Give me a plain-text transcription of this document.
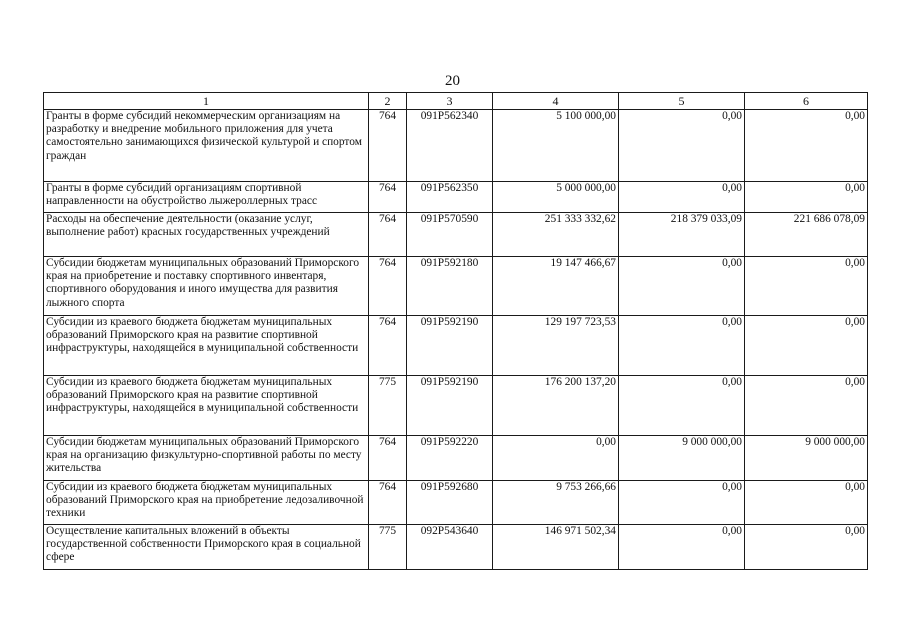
20
1	2	3	4	5	6
Гранты в форме субсидий некоммерческим организациям на разработку и внедрение мобильного приложения для учета самостоятельно занимающихся физической культурой и спортом граждан	764	091P562340	5 100 000,00	0,00	0,00
Гранты в форме субсидий организациям спортивной направленности на обустройство лыжероллерных трасс	764	091P562350	5 000 000,00	0,00	0,00
Расходы на обеспечение деятельности (оказание услуг, выполнение работ) красных государственных учреждений	764	091P570590	251 333 332,62	218 379 033,09	221 686 078,09
Субсидии бюджетам муниципальных образований Приморского края на приобретение и поставку спортивного инвентаря, спортивного оборудования и иного имущества для развития лыжного спорта	764	091P592180	19 147 466,67	0,00	0,00
Субсидии из краевого бюджета бюджетам муниципальных образований Приморского края на развитие спортивной инфраструктуры, находящейся в муниципальной собственности	764	091P592190	129 197 723,53	0,00	0,00
Субсидии из краевого бюджета бюджетам муниципальных образований Приморского края на развитие спортивной инфраструктуры, находящейся в муниципальной собственности	775	091P592190	176 200 137,20	0,00	0,00
Субсидии бюджетам муниципальных образований Приморского края на организацию физкультурно-спортивной работы по месту жительства	764	091P592220	0,00	9 000 000,00	9 000 000,00
Субсидии из краевого бюджета бюджетам муниципальных образований Приморского края на приобретение ледозаливочной техники	764	091P592680	9 753 266,66	0,00	0,00
Осуществление капитальных вложений в объекты государственной собственности Приморского края в социальной сфере	775	092P543640	146 971 502,34	0,00	0,00
